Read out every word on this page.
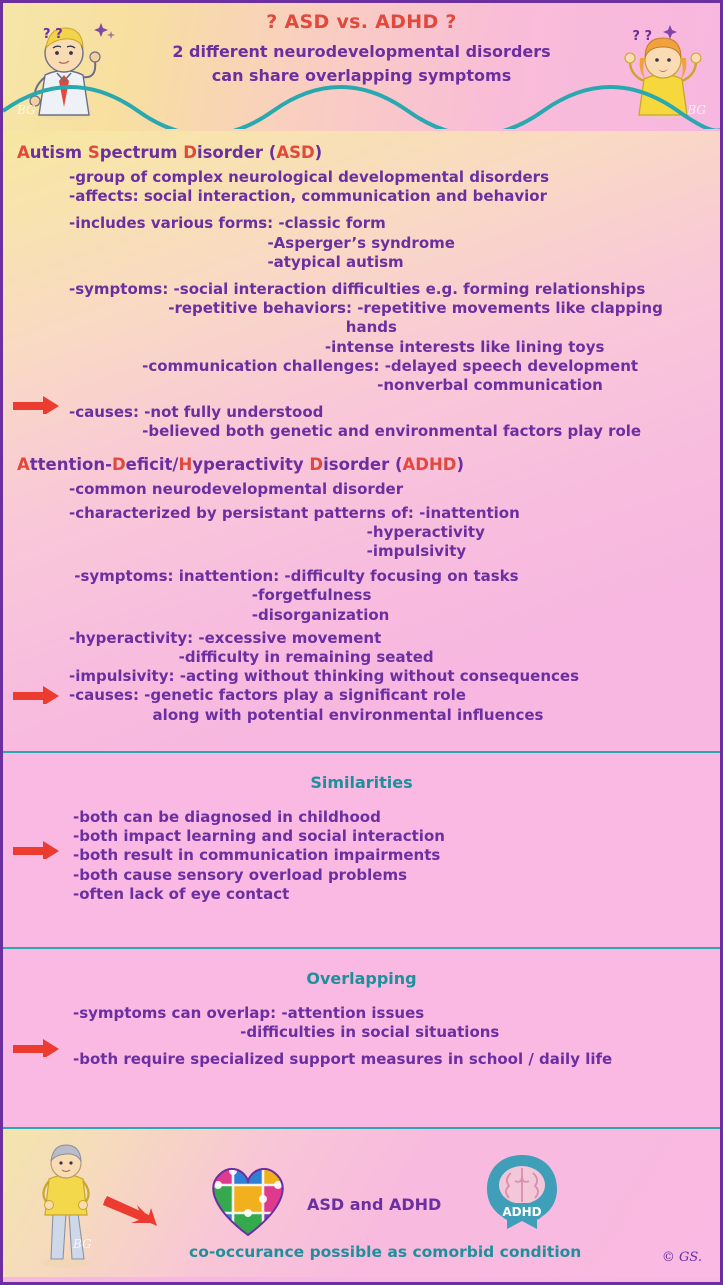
? ASD vs. ADHD ?
2 different neurodevelopmental disorders
can share overlapping symptoms
? ?	? ?
BG	BG
Autism Spectrum Disorder (ASD)
-group of complex neurological developmental disorders
-affects: social interaction, communication and behavior
-includes various forms: -classic form
-Asperger’s syndrome
-atypical autism
-symptoms: -social interaction difficulties e.g. forming relationships
-repetitive behaviors: -repetitive movements like clapping
hands
-intense interests like lining toys
-communication challenges: -delayed speech development
-nonverbal communication
-causes: -not fully understood
-believed both genetic and environmental factors play role
Attention-Deficit/Hyperactivity Disorder (ADHD)
-common neurodevelopmental disorder
-characterized by persistant patterns of: -inattention
-hyperactivity
-impulsivity
-symptoms: inattention: -difficulty focusing on tasks
-forgetfulness
-disorganization
-hyperactivity: -excessive movement
-difficulty in remaining seated
-impulsivity: -acting without thinking without consequences
-causes: -genetic factors play a significant role
along with potential environmental influences
Similarities
-both can be diagnosed in childhood
-both impact learning and social interaction
-both result in communication impairments
-both cause sensory overload problems
-often lack of eye contact
Overlapping
-symptoms can overlap: -attention issues
-difficulties in social situations
-both require specialized support measures in school / daily life
BG
ASD and ADHD	ADHD
co-occurance possible as comorbid condition	© GS.
